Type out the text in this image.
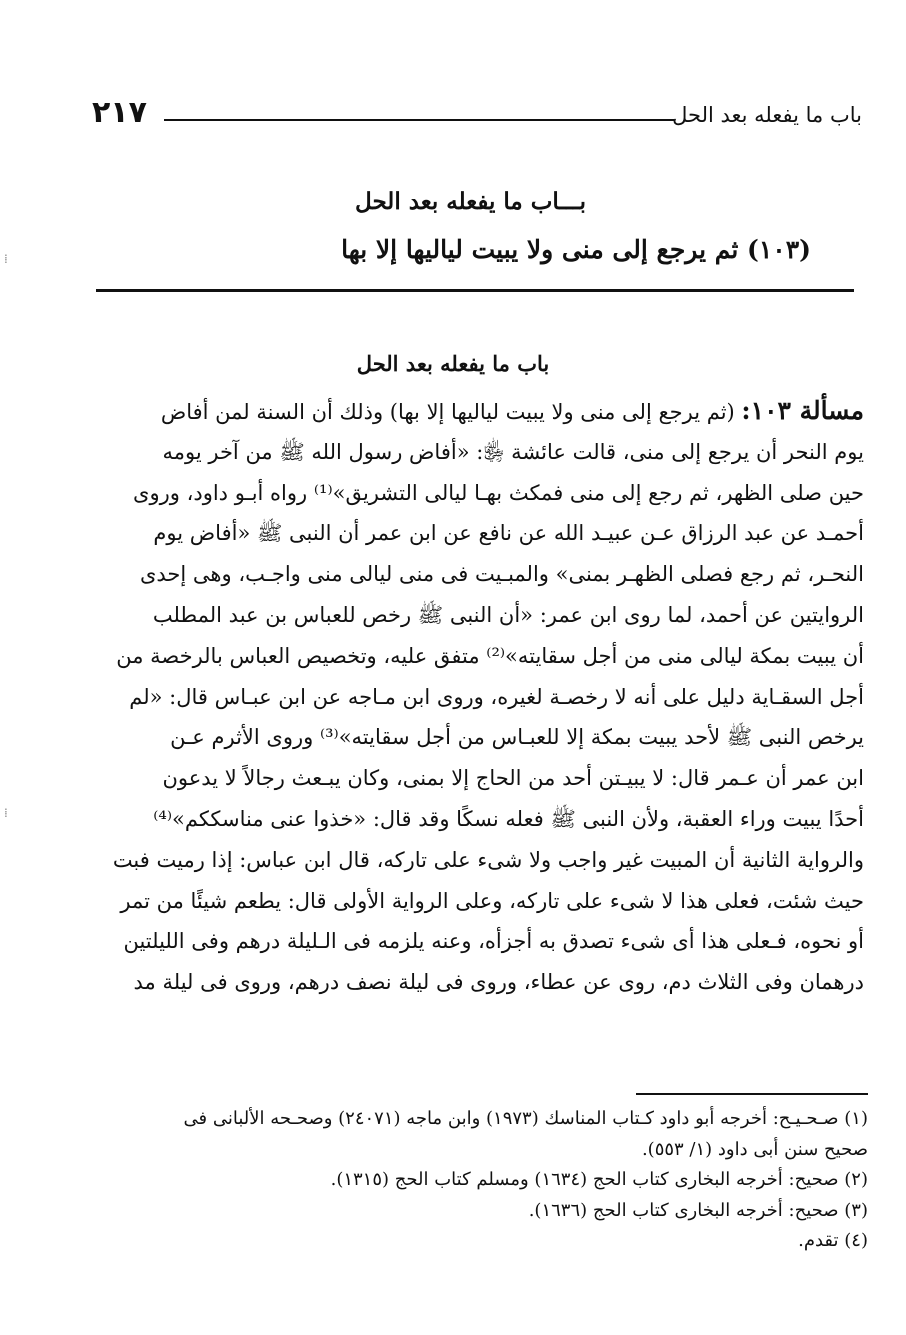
٢١٧	باب ما يفعله بعد الحل
بـــاب ما يفعله بعد الحل
(١٠٣) ثم يرجع إلى منى ولا يبيت لياليها إلا بها
باب ما يفعله بعد الحل
مسألة ١٠٣: (ثم يرجع إلى منى ولا يبيت لياليها إلا بها) وذلك أن السنة لمن أفاض
يوم النحر أن يرجع إلى منى، قالت عائشة ﵂: «أفاض رسول الله ﷺ من آخر يومه
حين صلى الظهر، ثم رجع إلى منى فمكث بهـا ليالى التشريق»⁽¹⁾ رواه أبـو داود، وروى
أحمـد عن عبد الرزاق عـن عبيـد الله عن نافع عن ابن عمر أن النبى ﷺ «أفاض يوم
النحـر، ثم رجع فصلى الظهـر بمنى» والمبـيت فى منى ليالى منى واجـب، وهى إحدى
الروايتين عن أحمد، لما روى ابن عمر: «أن النبى ﷺ رخص للعباس بن عبد المطلب
أن يبيت بمكة ليالى منى من أجل سقايته»⁽²⁾ متفق عليه، وتخصيص العباس بالرخصة من
أجل السقـاية دليل على أنه لا رخصـة لغيره، وروى ابن مـاجه عن ابن عبـاس قال: «لم
يرخص النبى ﷺ لأحد يبيت بمكة إلا للعبـاس من أجل سقايته»⁽³⁾ وروى الأثرم عـن
ابن عمر أن عـمر قال: لا يبيـتن أحد من الحاج إلا بمنى، وكان يبـعث رجالاً لا يدعون
أحدًا يبيت وراء العقبة، ولأن النبى ﷺ فعله نسكًا وقد قال: «خذوا عنى مناسككم»⁽⁴⁾
والرواية الثانية أن المبيت غير واجب ولا شىء على تاركه، قال ابن عباس: إذا رميت فبت
حيث شئت، فعلى هذا لا شىء على تاركه، وعلى الرواية الأولى قال: يطعم شيئًا من تمر
أو نحوه، فـعلى هذا أى شىء تصدق به أجزأه، وعنه يلزمه فى الـليلة درهم وفى الليلتين
درهمان وفى الثلاث دم، روى عن عطاء، وروى فى ليلة نصف درهم، وروى فى ليلة مد
(١) صـحـيـح: أخرجه أبو داود كـتاب المناسك (١٩٧٣) وابن ماجه (٢٤٠٧١) وصحـحه الألبانى فى
صحيح سنن أبى داود (١/ ٥٥٣).
(٢) صحيح: أخرجه البخارى كتاب الحج (١٦٣٤) ومسلم كتاب الحج (١٣١٥).
(٣) صحيح: أخرجه البخارى كتاب الحج (١٦٣٦).
(٤) تقدم.
⁞
⁞
